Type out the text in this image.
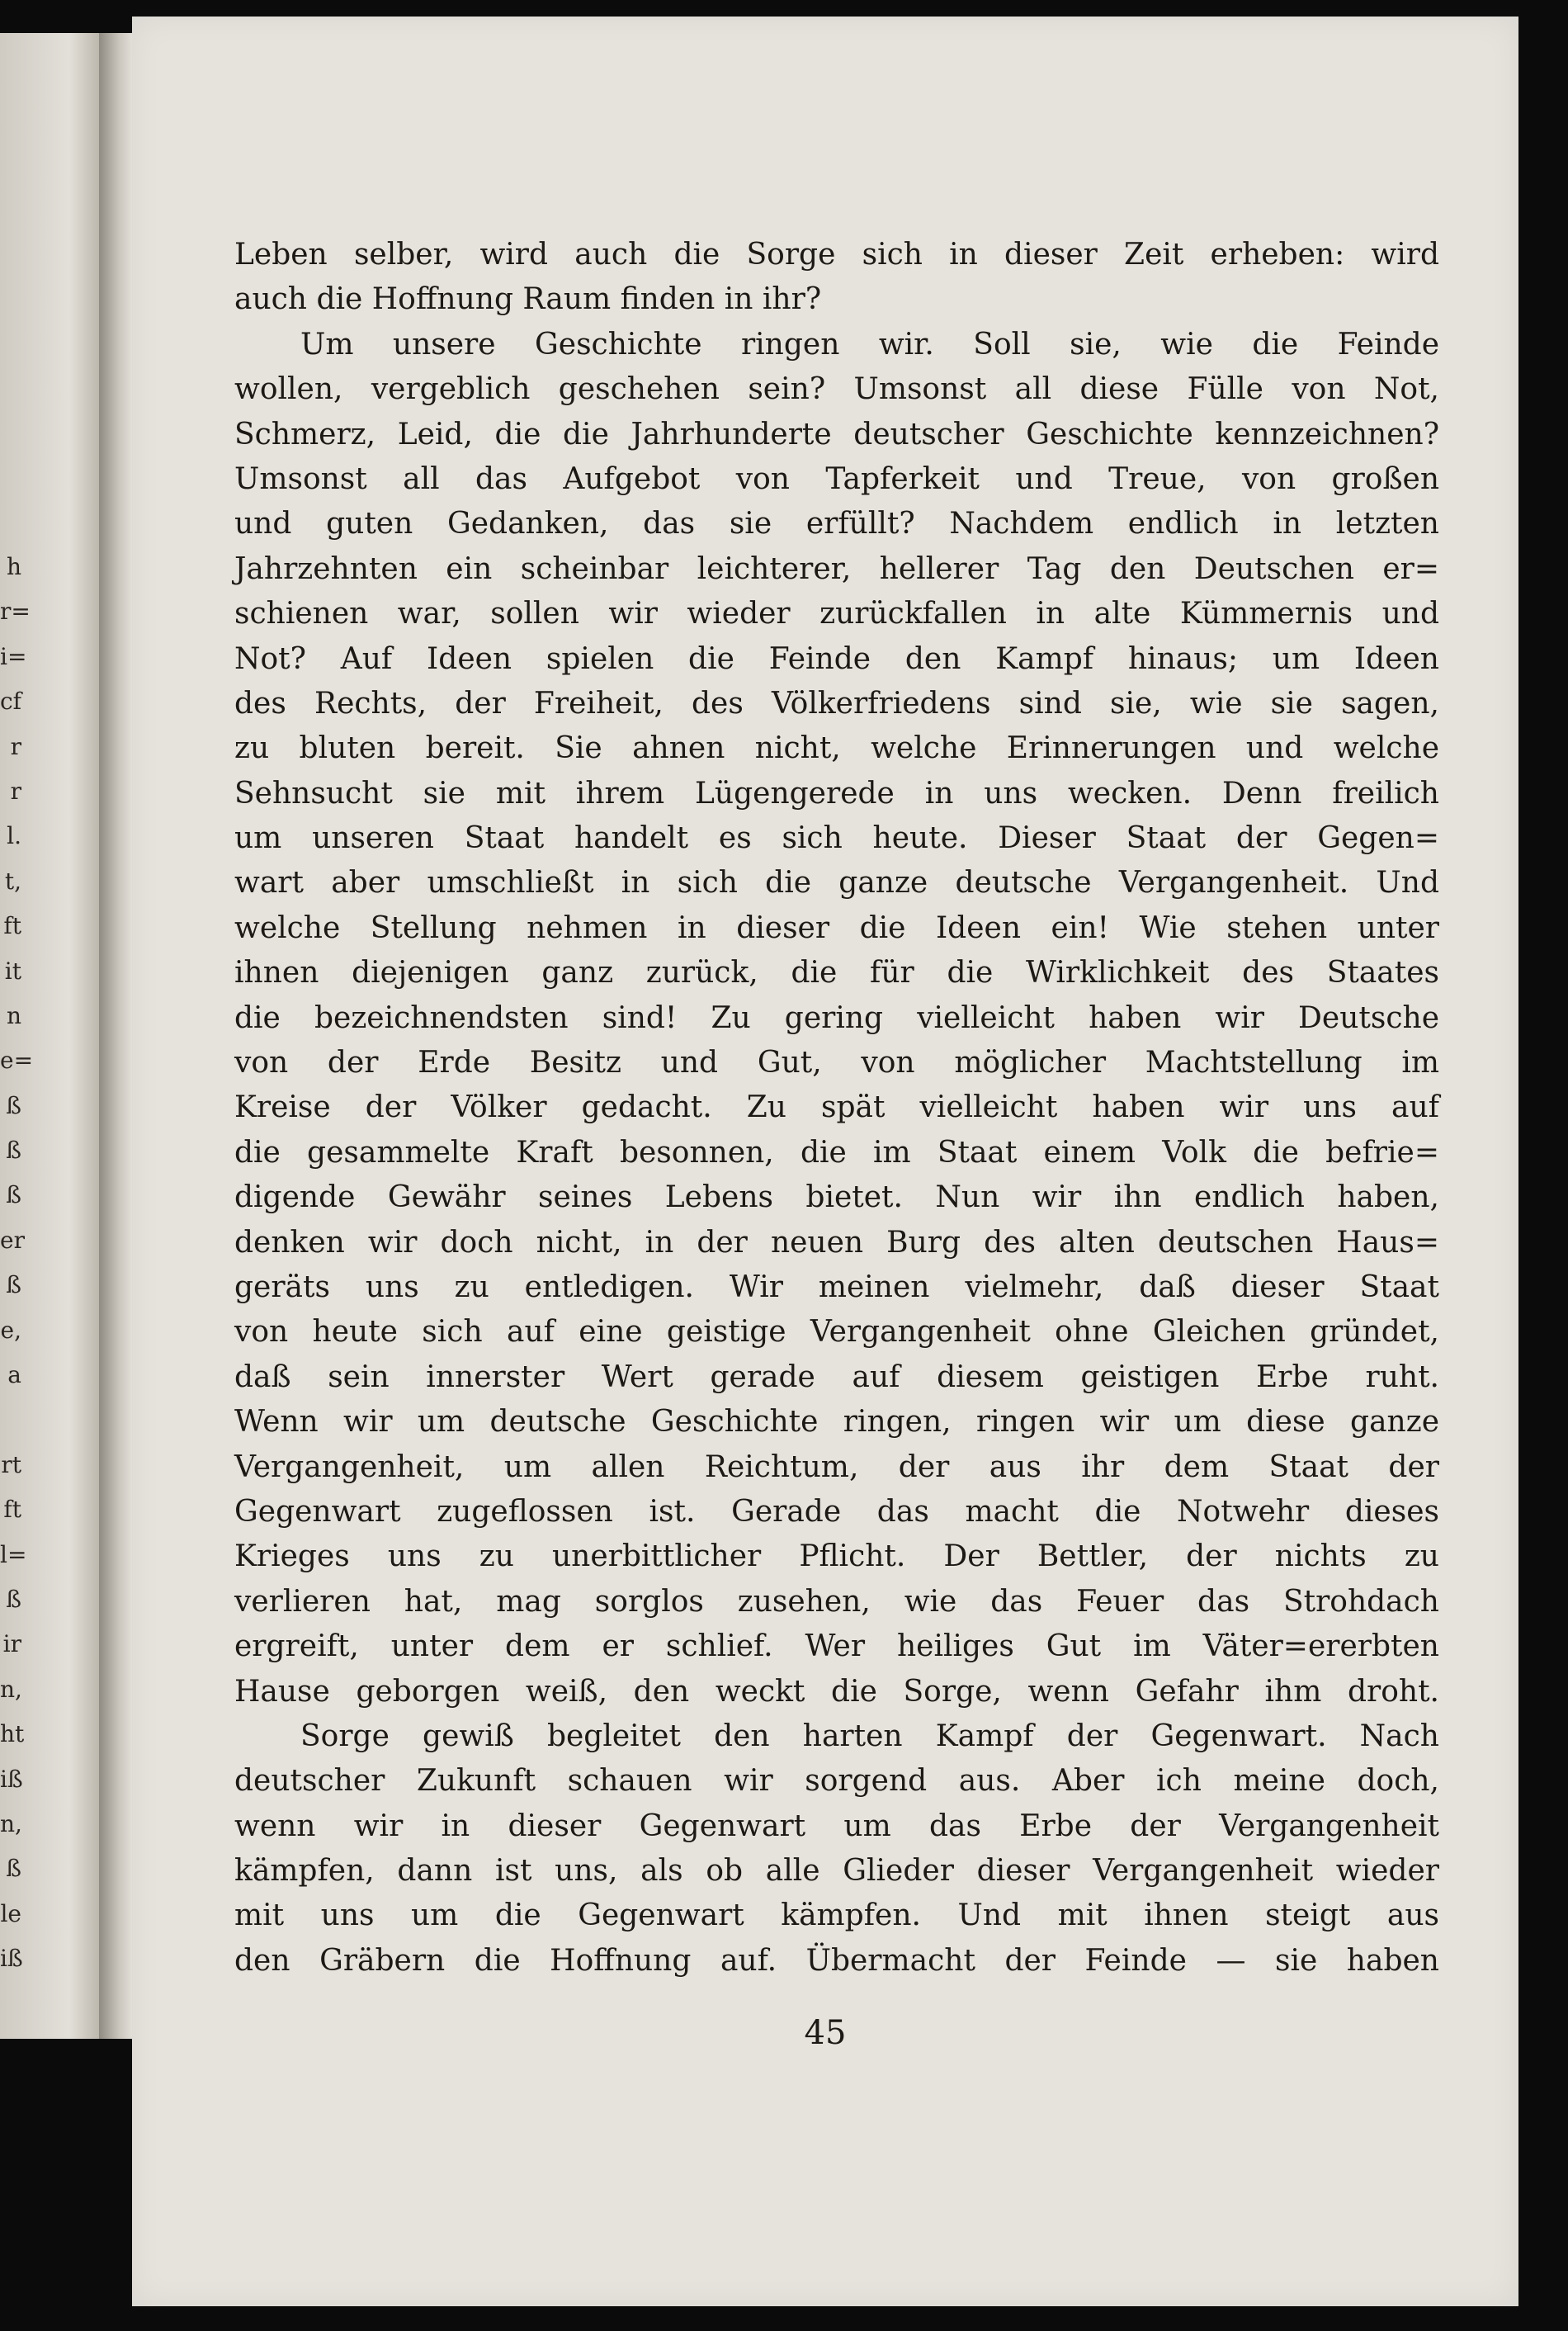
h
r=
i=
cf
r
r
l.
t,
ft
it
n
e=
ß
ß
ß
er
ß
e,
a
rt
ft
l=
ß
ir
n,
ht
iß
n,
ß
le
iß
Leben selber, wird auch die Sorge sich in dieser Zeit erheben: wird
auch die Hoffnung Raum finden in ihr?
Um unsere Geschichte ringen wir. Soll sie, wie die Feinde
wollen, vergeblich geschehen sein? Umsonst all diese Fülle von Not,
Schmerz, Leid, die die Jahrhunderte deutscher Geschichte kennzeichnen?
Umsonst all das Aufgebot von Tapferkeit und Treue, von großen
und guten Gedanken, das sie erfüllt? Nachdem endlich in letzten
Jahrzehnten ein scheinbar leichterer, hellerer Tag den Deutschen er=
schienen war, sollen wir wieder zurückfallen in alte Kümmernis und
Not? Auf Ideen spielen die Feinde den Kampf hinaus; um Ideen
des Rechts, der Freiheit, des Völkerfriedens sind sie, wie sie sagen,
zu bluten bereit. Sie ahnen nicht, welche Erinnerungen und welche
Sehnsucht sie mit ihrem Lügengerede in uns wecken. Denn freilich
um unseren Staat handelt es sich heute. Dieser Staat der Gegen=
wart aber umschließt in sich die ganze deutsche Vergangenheit. Und
welche Stellung nehmen in dieser die Ideen ein! Wie stehen unter
ihnen diejenigen ganz zurück, die für die Wirklichkeit des Staates
die bezeichnendsten sind! Zu gering vielleicht haben wir Deutsche
von der Erde Besitz und Gut, von möglicher Machtstellung im
Kreise der Völker gedacht. Zu spät vielleicht haben wir uns auf
die gesammelte Kraft besonnen, die im Staat einem Volk die befrie=
digende Gewähr seines Lebens bietet. Nun wir ihn endlich haben,
denken wir doch nicht, in der neuen Burg des alten deutschen Haus=
geräts uns zu entledigen. Wir meinen vielmehr, daß dieser Staat
von heute sich auf eine geistige Vergangenheit ohne Gleichen gründet,
daß sein innerster Wert gerade auf diesem geistigen Erbe ruht.
Wenn wir um deutsche Geschichte ringen, ringen wir um diese ganze
Vergangenheit, um allen Reichtum, der aus ihr dem Staat der
Gegenwart zugeflossen ist. Gerade das macht die Notwehr dieses
Krieges uns zu unerbittlicher Pflicht. Der Bettler, der nichts zu
verlieren hat, mag sorglos zusehen, wie das Feuer das Strohdach
ergreift, unter dem er schlief. Wer heiliges Gut im Väter=ererbten
Hause geborgen weiß, den weckt die Sorge, wenn Gefahr ihm droht.
Sorge gewiß begleitet den harten Kampf der Gegenwart. Nach
deutscher Zukunft schauen wir sorgend aus. Aber ich meine doch,
wenn wir in dieser Gegenwart um das Erbe der Vergangenheit
kämpfen, dann ist uns, als ob alle Glieder dieser Vergangenheit wieder
mit uns um die Gegenwart kämpfen. Und mit ihnen steigt aus
den Gräbern die Hoffnung auf. Übermacht der Feinde — sie haben
45
